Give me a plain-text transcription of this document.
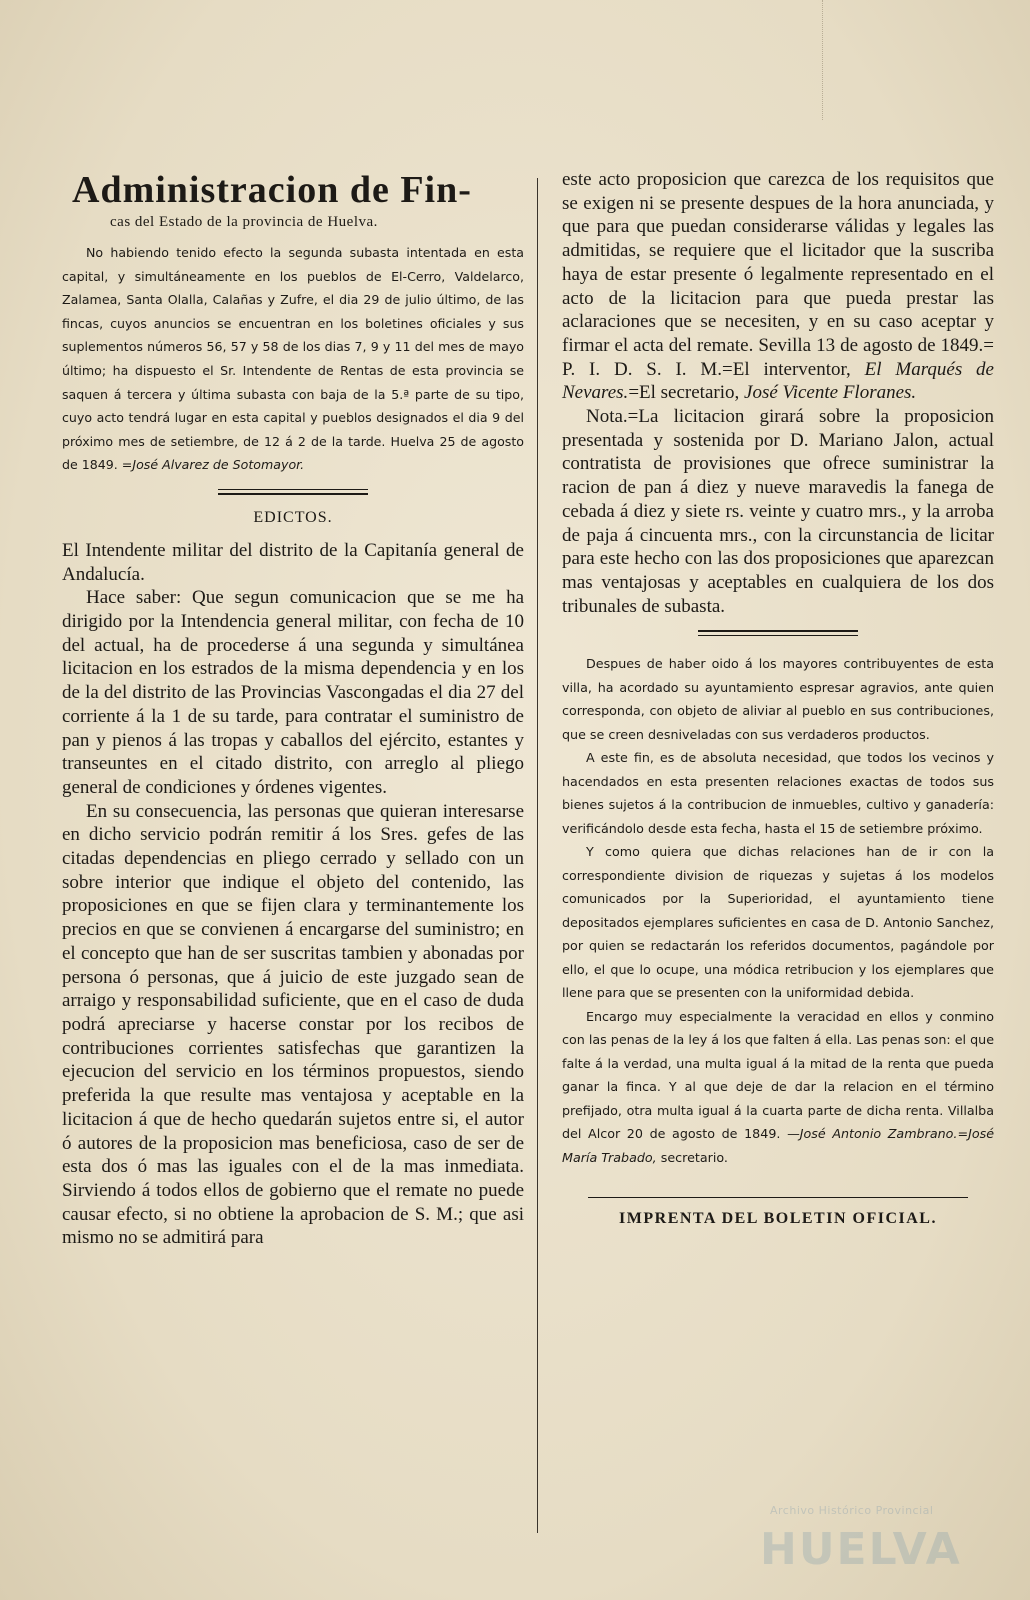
Administracion de Fin-
cas del Estado de la provincia de Huelva.

No habiendo tenido efecto la segunda subasta intentada en esta capital, y simultáneamente en los pueblos de El-Cerro, Valdelarco, Zalamea, Santa Olalla, Calañas y Zufre, el dia 29 de julio último, de las fincas, cuyos anuncios se encuentran en los boletines oficiales y sus suplementos números 56, 57 y 58 de los dias 7, 9 y 11 del mes de mayo último; ha dispuesto el Sr. Intendente de Rentas de esta provincia se saquen á tercera y última subasta con baja de la 5.ª parte de su tipo, cuyo acto tendrá lugar en esta capital y pueblos designados el dia 9 del próximo mes de setiembre, de 12 á 2 de la tarde. Huelva 25 de agosto de 1849. =José Alvarez de Sotomayor.

EDICTOS.

El Intendente militar del distrito de la Capitanía general de Andalucía.

Hace saber: Que segun comunicacion que se me ha dirigido por la Intendencia general militar, con fecha de 10 del actual, ha de procederse á una segunda y simultánea licitacion en los estrados de la misma dependencia y en los de la del distrito de las Provincias Vascongadas el dia 27 del corriente á la 1 de su tarde, para contratar el suministro de pan y pienos á las tropas y caballos del ejército, estantes y transeuntes en el citado distrito, con arreglo al pliego general de condiciones y órdenes vigentes.

En su consecuencia, las personas que quieran interesarse en dicho servicio podrán remitir á los Sres. gefes de las citadas dependencias en pliego cerrado y sellado con un sobre interior que indique el objeto del contenido, las proposiciones en que se fijen clara y terminantemente los precios en que se convienen á encargarse del suministro; en el concepto que han de ser suscritas tambien y abonadas por persona ó personas, que á juicio de este juzgado sean de arraigo y responsabilidad suficiente, que en el caso de duda podrá apreciarse y hacerse constar por los recibos de contribuciones corrientes satisfechas que garantizen la ejecucion del servicio en los términos propuestos, siendo preferida la que resulte mas ventajosa y aceptable en la licitacion á que de hecho quedarán sujetos entre si, el autor ó autores de la proposicion mas beneficiosa, caso de ser de esta dos ó mas las iguales con el de la mas inmediata. Sirviendo á todos ellos de gobierno que el remate no puede causar efecto, si no obtiene la aprobacion de S. M.; que asi mismo no se admitirá para

este acto proposicion que carezca de los requisitos que se exigen ni se presente despues de la hora anunciada, y que para que puedan considerarse válidas y legales las admitidas, se requiere que el licitador que la suscriba haya de estar presente ó legalmente representado en el acto de la licitacion para que pueda prestar las aclaraciones que se necesiten, y en su caso aceptar y firmar el acta del remate. Sevilla 13 de agosto de 1849.= P. I. D. S. I. M.=El interventor, El Marqués de Nevares.=El secretario, José Vicente Floranes.

Nota.=La licitacion girará sobre la proposicion presentada y sostenida por D. Mariano Jalon, actual contratista de provisiones que ofrece suministrar la racion de pan á diez y nueve maravedis la fanega de cebada á diez y siete rs. veinte y cuatro mrs., y la arroba de paja á cincuenta mrs., con la circunstancia de licitar para este hecho con las dos proposiciones que aparezcan mas ventajosas y aceptables en cualquiera de los dos tribunales de subasta.

Despues de haber oido á los mayores contribuyentes de esta villa, ha acordado su ayuntamiento espresar agravios, ante quien corresponda, con objeto de aliviar al pueblo en sus contribuciones, que se creen desniveladas con sus verdaderos productos.

A este fin, es de absoluta necesidad, que todos los vecinos y hacendados en esta presenten relaciones exactas de todos sus bienes sujetos á la contribucion de inmuebles, cultivo y ganadería: verificándolo desde esta fecha, hasta el 15 de setiembre próximo.

Y como quiera que dichas relaciones han de ir con la correspondiente division de riquezas y sujetas á los modelos comunicados por la Superioridad, el ayuntamiento tiene depositados ejemplares suficientes en casa de D. Antonio Sanchez, por quien se redactarán los referidos documentos, pagándole por ello, el que lo ocupe, una módica retribucion y los ejemplares que llene para que se presenten con la uniformidad debida.

Encargo muy especialmente la veracidad en ellos y conmino con las penas de la ley á los que falten á ella. Las penas son: el que falte á la verdad, una multa igual á la mitad de la renta que pueda ganar la finca. Y al que deje de dar la relacion en el término prefijado, otra multa igual á la cuarta parte de dicha renta. Villalba del Alcor 20 de agosto de 1849. —José Antonio Zambrano.=José María Trabado, secretario.

IMPRENTA DEL BOLETIN OFICIAL.
Archivo Histórico Provincial
HUELVA
